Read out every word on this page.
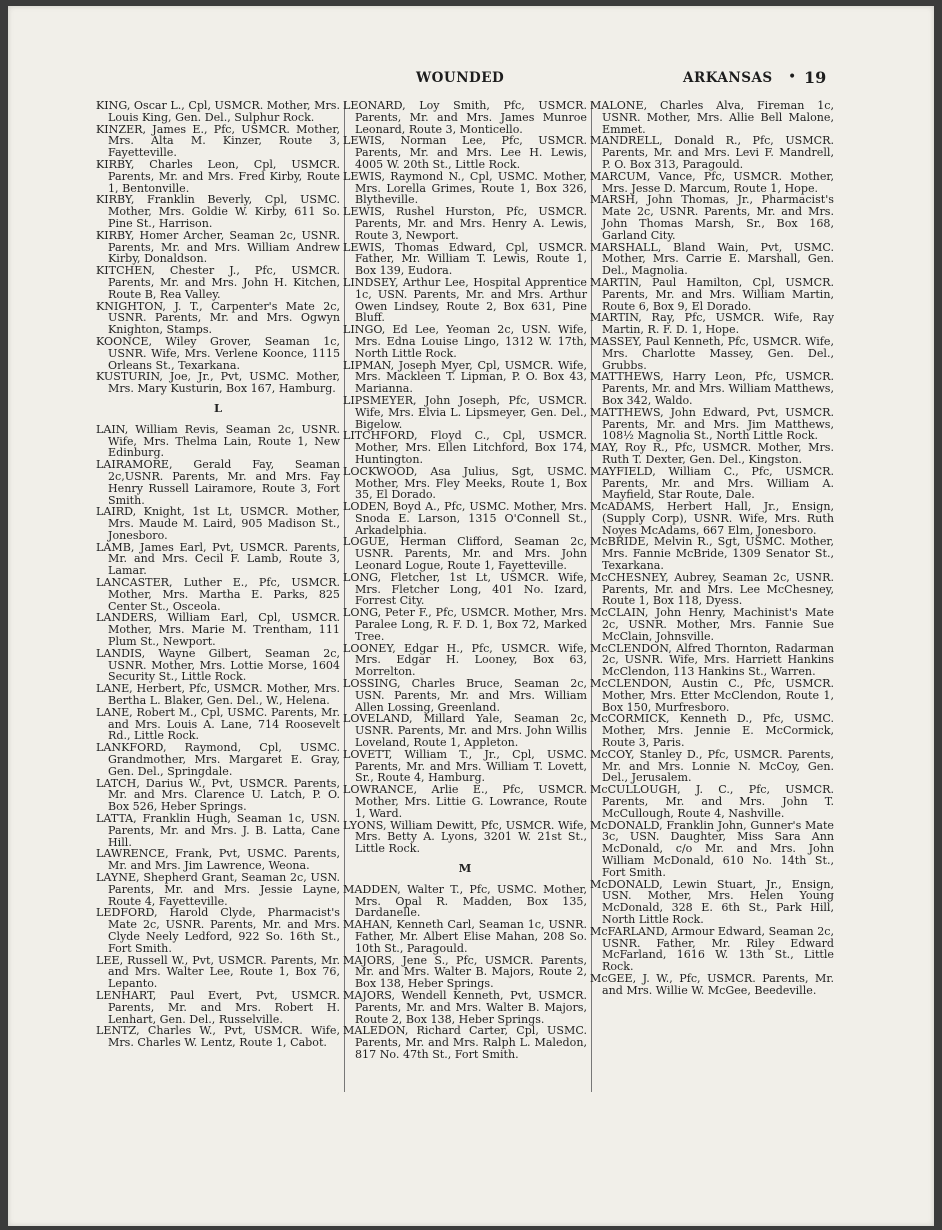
WOUNDED	ARKANSAS • 19
KING, Oscar L., Cpl, USMCR. Mother, Mrs. Louis King, Gen. Del., Sulphur Rock.
KINZER, James E., Pfc, USMCR. Mother, Mrs. Alta M. Kinzer, Route 3, Fayetteville.
KIRBY, Charles Leon, Cpl, USMCR. Parents, Mr. and Mrs. Fred Kirby, Route 1, Bentonville.
KIRBY, Franklin Beverly, Cpl, USMC. Mother, Mrs. Goldie W. Kirby, 611 So. Pine St., Harrison.
KIRBY, Homer Archer, Seaman 2c, USNR. Parents, Mr. and Mrs. William Andrew Kirby, Donaldson.
KITCHEN, Chester J., Pfc, USMCR. Parents, Mr. and Mrs. John H. Kitchen, Route B, Rea Valley.
KNIGHTON, J. T., Carpenter's Mate 2c, USNR. Parents, Mr. and Mrs. Ogwyn Knighton, Stamps.
KOONCE, Wiley Grover, Seaman 1c, USNR. Wife, Mrs. Verlene Koonce, 1115 Orleans St., Texarkana.
KUSTURIN, Joe, Jr., Pvt, USMC. Mother, Mrs. Mary Kusturin, Box 167, Hamburg.
L
LAIN, William Revis, Seaman 2c, USNR. Wife, Mrs. Thelma Lain, Route 1, New Edinburg.
LAIRAMORE, Gerald Fay, Seaman 2c,USNR. Parents, Mr. and Mrs. Fay Henry Russell Lairamore, Route 3, Fort Smith.
LAIRD, Knight, 1st Lt, USMCR. Mother, Mrs. Maude M. Laird, 905 Madison St., Jonesboro.
LAMB, James Earl, Pvt, USMCR. Parents, Mr. and Mrs. Cecil F. Lamb, Route 3, Lamar.
LANCASTER, Luther E., Pfc, USMCR. Mother, Mrs. Martha E. Parks, 825 Center St., Osceola.
LANDERS, William Earl, Cpl, USMCR. Mother, Mrs. Marie M. Trentham, 111 Plum St., Newport.
LANDIS, Wayne Gilbert, Seaman 2c, USNR. Mother, Mrs. Lottie Morse, 1604 Security St., Little Rock.
LANE, Herbert, Pfc, USMCR. Mother, Mrs. Bertha L. Blaker, Gen. Del., W., Helena.
LANE, Robert M., Cpl, USMC. Parents, Mr. and Mrs. Louis A. Lane, 714 Roosevelt Rd., Little Rock.
LANKFORD, Raymond, Cpl, USMC. Grandmother, Mrs. Margaret E. Gray, Gen. Del., Springdale.
LATCH, Darius W., Pvt, USMCR. Parents, Mr. and Mrs. Clarence U. Latch, P. O. Box 526, Heber Springs.
LATTA, Franklin Hugh, Seaman 1c, USN. Parents, Mr. and Mrs. J. B. Latta, Cane Hill.
LAWRENCE, Frank, Pvt, USMC. Parents, Mr. and Mrs. Jim Lawrence, Weona.
LAYNE, Shepherd Grant, Seaman 2c, USN. Parents, Mr. and Mrs. Jessie Layne, Route 4, Fayetteville.
LEDFORD, Harold Clyde, Pharmacist's Mate 2c, USNR. Parents, Mr. and Mrs. Clyde Neely Ledford, 922 So. 16th St., Fort Smith.
LEE, Russell W., Pvt, USMCR. Parents, Mr. and Mrs. Walter Lee, Route 1, Box 76, Lepanto.
LENHART, Paul Evert, Pvt, USMCR. Parents, Mr. and Mrs. Robert H. Lenhart, Gen. Del., Russelville.
LENTZ, Charles W., Pvt, USMCR. Wife, Mrs. Charles W. Lentz, Route 1, Cabot.
LEONARD, Loy Smith, Pfc, USMCR. Parents, Mr. and Mrs. James Munroe Leonard, Route 3, Monticello.
LEWIS, Norman Lee, Pfc, USMCR. Parents, Mr. and Mrs. Lee H. Lewis, 4005 W. 20th St., Little Rock.
LEWIS, Raymond N., Cpl, USMC. Mother, Mrs. Lorella Grimes, Route 1, Box 326, Blytheville.
LEWIS, Rushel Hurston, Pfc, USMCR. Parents, Mr. and Mrs. Henry A. Lewis, Route 3, Newport.
LEWIS, Thomas Edward, Cpl, USMCR. Father, Mr. William T. Lewis, Route 1, Box 139, Eudora.
LINDSEY, Arthur Lee, Hospital Apprentice 1c, USN. Parents, Mr. and Mrs. Arthur Owen Lindsey, Route 2, Box 631, Pine Bluff.
LINGO, Ed Lee, Yeoman 2c, USN. Wife, Mrs. Edna Louise Lingo, 1312 W. 17th, North Little Rock.
LIPMAN, Joseph Myer, Cpl, USMCR. Wife, Mrs. Mackleen T. Lipman, P. O. Box 43, Marianna.
LIPSMEYER, John Joseph, Pfc, USMCR. Wife, Mrs. Elvia L. Lipsmeyer, Gen. Del., Bigelow.
LITCHFORD, Floyd C., Cpl, USMCR. Mother, Mrs. Ellen Litchford, Box 174, Huntington.
LOCKWOOD, Asa Julius, Sgt, USMC. Mother, Mrs. Fley Meeks, Route 1, Box 35, El Dorado.
LODEN, Boyd A., Pfc, USMC. Mother, Mrs. Snoda E. Larson, 1315 O'Connell St., Arkadelphia.
LOGUE, Herman Clifford, Seaman 2c, USNR. Parents, Mr. and Mrs. John Leonard Logue, Route 1, Fayetteville.
LONG, Fletcher, 1st Lt, USMCR. Wife, Mrs. Fletcher Long, 401 No. Izard, Forrest City.
LONG, Peter F., Pfc, USMCR. Mother, Mrs. Paralee Long, R. F. D. 1, Box 72, Marked Tree.
LOONEY, Edgar H., Pfc, USMCR. Wife, Mrs. Edgar H. Looney, Box 63, Morrelton.
LOSSING, Charles Bruce, Seaman 2c, USN. Parents, Mr. and Mrs. William Allen Lossing, Greenland.
LOVELAND, Millard Yale, Seaman 2c, USNR. Parents, Mr. and Mrs. John Willis Loveland, Route 1, Appleton.
LOVETT, William T., Jr., Cpl, USMC. Parents, Mr. and Mrs. William T. Lovett, Sr., Route 4, Hamburg.
LOWRANCE, Arlie E., Pfc, USMCR. Mother, Mrs. Littie G. Lowrance, Route 1, Ward.
LYONS, William Dewitt, Pfc, USMCR. Wife, Mrs. Betty A. Lyons, 3201 W. 21st St., Little Rock.
M
MADDEN, Walter T., Pfc, USMC. Mother, Mrs. Opal R. Madden, Box 135, Dardanelle.
MAHAN, Kenneth Carl, Seaman 1c, USNR. Father, Mr. Albert Elise Mahan, 208 So. 10th St., Paragould.
MAJORS, Jene S., Pfc, USMCR. Parents, Mr. and Mrs. Walter B. Majors, Route 2, Box 138, Heber Springs.
MAJORS, Wendell Kenneth, Pvt, USMCR. Parents, Mr. and Mrs. Walter B. Majors, Route 2, Box 138, Heber Springs.
MALEDON, Richard Carter, Cpl, USMC. Parents, Mr. and Mrs. Ralph L. Maledon, 817 No. 47th St., Fort Smith.
MALONE, Charles Alva, Fireman 1c, USNR. Mother, Mrs. Allie Bell Malone, Emmet.
MANDRELL, Donald R., Pfc, USMCR. Parents, Mr. and Mrs. Levi F. Mandrell, P. O. Box 313, Paragould.
MARCUM, Vance, Pfc, USMCR. Mother, Mrs. Jesse D. Marcum, Route 1, Hope.
MARSH, John Thomas, Jr., Pharmacist's Mate 2c, USNR. Parents, Mr. and Mrs. John Thomas Marsh, Sr., Box 168, Garland City.
MARSHALL, Bland Wain, Pvt, USMC. Mother, Mrs. Carrie E. Marshall, Gen. Del., Magnolia.
MARTIN, Paul Hamilton, Cpl, USMCR. Parents, Mr. and Mrs. William Martin, Route 6, Box 9, El Dorado.
MARTIN, Ray, Pfc, USMCR. Wife, Ray Martin, R. F. D. 1, Hope.
MASSEY, Paul Kenneth, Pfc, USMCR. Wife, Mrs. Charlotte Massey, Gen. Del., Grubbs.
MATTHEWS, Harry Leon, Pfc, USMCR. Parents, Mr. and Mrs. William Matthews, Box 342, Waldo.
MATTHEWS, John Edward, Pvt, USMCR. Parents, Mr. and Mrs. Jim Matthews, 108½ Magnolia St., North Little Rock.
MAY, Roy R., Pfc, USMCR. Mother, Mrs. Ruth T. Dexter, Gen. Del., Kingston.
MAYFIELD, William C., Pfc, USMCR. Parents, Mr. and Mrs. William A. Mayfield, Star Route, Dale.
McADAMS, Herbert Hall, Jr., Ensign, (Supply Corp), USNR. Wife, Mrs. Ruth Noyes McAdams, 667 Elm, Jonesboro.
McBRIDE, Melvin R., Sgt, USMC. Mother, Mrs. Fannie McBride, 1309 Senator St., Texarkana.
McCHESNEY, Aubrey, Seaman 2c, USNR. Parents, Mr. and Mrs. Lee McChesney, Route 1, Box 118, Dyess.
McCLAIN, John Henry, Machinist's Mate 2c, USNR. Mother, Mrs. Fannie Sue McClain, Johnsville.
McCLENDON, Alfred Thornton, Radarman 2c, USNR. Wife, Mrs. Harriett Hankins McClendon, 113 Hankins St., Warren.
McCLENDON, Austin C., Pfc, USMCR. Mother, Mrs. Etter McClendon, Route 1, Box 150, Murfresboro.
McCORMICK, Kenneth D., Pfc, USMC. Mother, Mrs. Jennie E. McCormick, Route 3, Paris.
McCOY, Stanley D., Pfc, USMCR. Parents, Mr. and Mrs. Lonnie N. McCoy, Gen. Del., Jerusalem.
McCULLOUGH, J. C., Pfc, USMCR. Parents, Mr. and Mrs. John T. McCullough, Route 4, Nashville.
McDONALD, Franklin John, Gunner's Mate 3c, USN. Daughter, Miss Sara Ann McDonald, c/o Mr. and Mrs. John William McDonald, 610 No. 14th St., Fort Smith.
McDONALD, Lewin Stuart, Jr., Ensign, USN. Mother, Mrs. Helen Young McDonald, 328 E. 6th St., Park Hill, North Little Rock.
McFARLAND, Armour Edward, Seaman 2c, USNR. Father, Mr. Riley Edward McFarland, 1616 W. 13th St., Little Rock.
McGEE, J. W., Pfc, USMCR. Parents, Mr. and Mrs. Willie W. McGee, Beedeville.
